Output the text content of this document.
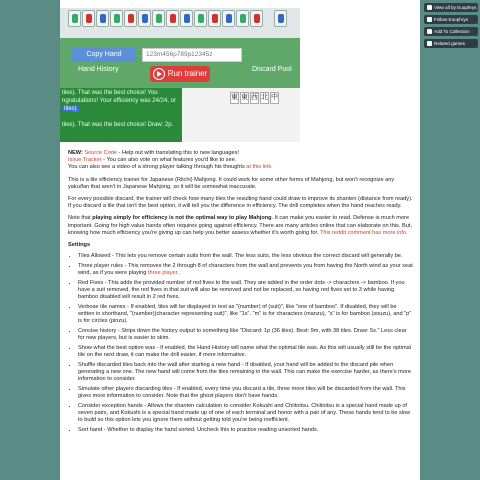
View all by Euophrys
Follow Euophrys
Add To Collection
Related games
Copy Hand	123m456p789p12345z
Hand History	Discard Pool
tiles). That was the best choice! You
ngratulations! Your efficiency was 24/24, or
tiles)
tiles). That was the best choice! Draw: 2p.
東 東 西 北 中
Run trainer

NEW: Source Code - Help out with translating this to new languages!
Issue Tracker - You can also vote on what features you'd like to see.
You can also see a video of a strong player talking through his thoughts at this link.

This is a tile efficiency trainer for Japanese (Riichi) Mahjong. It could work for some other forms of Mahjong, but won't recognize any yaku/fan that aren't in Japanese Mahjong, so it will be somewhat inaccurate.

For every possible discard, the trainer will check how many tiles the resulting hand could draw to improve its shanten (distance from ready). If you discard a tile that isn't the best option, it will tell you the difference in efficiency. The drill completes when the hand reaches ready.

Note that playing simply for efficiency is not the optimal way to play Mahjong. It can make you easier to read. Defense is much more important. Going for high value hands often requires going against efficiency. There are many articles online that can elaborate on this. But, knowing how much efficiency you're giving up can help you better assess whether it's worth going for. This reddit comment has more info.

Settings
• Tiles Allowed - This lets you remove certain suits from the wall. The less suits, the less obvious the correct discard will generally be.
• Three player rules - This removes the 2 through 8 of characters from the wall and prevents you from having the North wind as your seat wind, as if you were playing three player.
• Red Fives - This adds the provided number of red fives to the wall. They are added in the order dots -> characters -> bamboo. If you have a suit removed, the red fives in that suit will also be removed and not be replaced, so having red fives set to 3 while having bamboo disabled will result in 2 red fives.
• Verbose tile names - If enabled, tiles will be displayed in text as "(number) of (suit)", like "one of bamboo". If disabled, they will be written in shorthand, "(number)(character representing suit)", like "1s". "m" is for characters (manzu), "s" is for bamboo (souzu), and "p" is for circles (pinzu).
• Concise history - Strips down the history output to something like "Discard: 1p (36 tiles). Best: 9m, with 38 tiles. Draw: 5s." Less clear for new players, but is easier to skim.
• Show what the best option was - If enabled, the Hand History will name what the optimal tile was. As this will usually still be the optimal tile on the next draw, it can make the drill easier, if more informative.
• Shuffle discarded tiles back into the wall after starting a new hand - If disabled, your hand will be added to the discard pile when generating a new one. The new hand will come from the tiles remaining in the wall. This can make the exercise harder, as there's more information to consider.
• Simulate other players discarding tiles - If enabled, every time you discard a tile, three more tiles will be discarded from the wall. This gives more information to consider. Note that the ghost players don't have hands.
• Consider exception hands - Allows the shanten calculation to consider Kokushi and Chiitoitsu. Chiitoitsu is a special hand made up of seven pairs, and Kokushi is a special hand made up of one of each terminal and honor with a pair of any. These hands tend to be slow to build so this option lets you ignore them without getting told you're being inefficient.
• Sort hand - Whether to display the hand sorted. Uncheck this to practice reading unsorted hands.
